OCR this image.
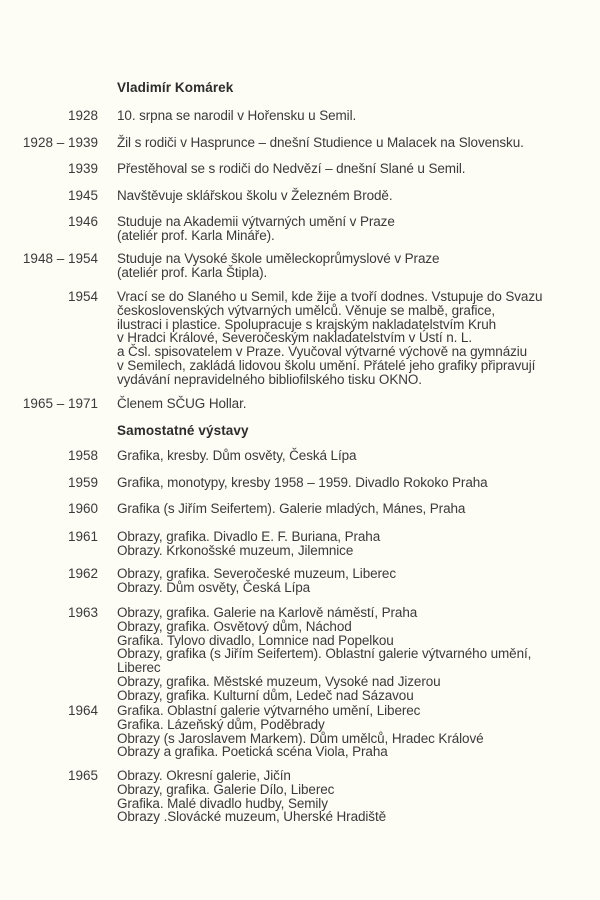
Vladimír Komárek
1928 10. srpna se narodil v Hořensku u Semil.
1928 – 1939 Žil s rodiči v Hasprunce – dnešní Studience u Malacek na Slovensku.
1939 Přestěhoval se s rodiči do Nedvězí – dnešní Slané u Semil.
1945 Navštěvuje sklářskou školu v Železném Brodě.
1946 Studuje na Akademii výtvarných umění v Praze
(ateliér prof. Karla Mináře).
1948 – 1954 Studuje na Vysoké škole uměleckoprůmyslové v Praze
(ateliér prof. Karla Štipla).
1954 Vrací se do Slaného u Semil, kde žije a tvoří dodnes. Vstupuje do Svazu
československých výtvarných umělců. Věnuje se malbě, grafice,
ilustraci i plastice. Spolupracuje s krajským nakladatelstvím Kruh
v Hradci Králové, Severočeským nakladatelstvím v Ústí n. L.
a Čsl. spisovatelem v Praze. Vyučoval výtvarné výchově na gymnáziu
v Semilech, zakládá lidovou školu umění. Přátelé jeho grafiky připravují
vydávání nepravidelného bibliofilského tisku OKNO.
1965 – 1971 Členem SČUG Hollar.
Samostatné výstavy
1958 Grafika, kresby. Dům osvěty, Česká Lípa
1959 Grafika, monotypy, kresby 1958 – 1959. Divadlo Rokoko Praha
1960 Grafika (s Jiřím Seifertem). Galerie mladých, Mánes, Praha
1961 Obrazy, grafika. Divadlo E. F. Buriana, Praha
Obrazy. Krkonošské muzeum, Jilemnice
1962 Obrazy, grafika. Severočeské muzeum, Liberec
Obrazy. Dům osvěty, Česká Lípa
1963 Obrazy, grafika. Galerie na Karlově náměstí, Praha
Obrazy, grafika. Osvětový dům, Náchod
Grafika. Tylovo divadlo, Lomnice nad Popelkou
Obrazy, grafika (s Jiřím Seifertem). Oblastní galerie výtvarného umění,
Liberec
Obrazy, grafika. Městské muzeum, Vysoké nad Jizerou
Obrazy, grafika. Kulturní dům, Ledeč nad Sázavou
1964 Grafika. Oblastní galerie výtvarného umění, Liberec
Grafika. Lázeňský dům, Poděbrady
Obrazy (s Jaroslavem Markem). Dům umělců, Hradec Králové
Obrazy a grafika. Poetická scéna Viola, Praha
1965 Obrazy. Okresní galerie, Jičín
Obrazy, grafika. Galerie Dílo, Liberec
Grafika. Malé divadlo hudby, Semily
Obrazy .Slovácké muzeum, Uherské Hradiště
